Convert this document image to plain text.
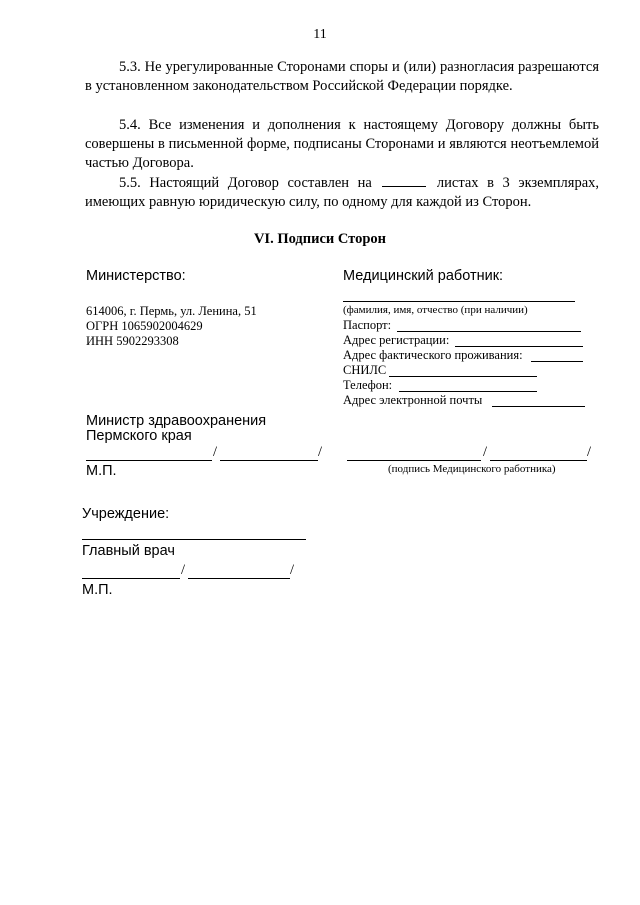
11
5.3. Не урегулированные Сторонами споры и (или) разногласия разрешаются в установленном законодательством Российской Федерации порядке.
5.4. Все изменения и дополнения к настоящему Договору должны быть совершены в письменной форме, подписаны Сторонами и являются неотъемлемой частью Договора.
5.5. Настоящий Договор составлен на	листах в 3 экземплярах, имеющих равную юридическую силу, по одному для каждой из Сторон.
VI. Подписи Сторон
Министерство:
614006, г. Пермь, ул. Ленина, 51
ОГРН 1065902004629
ИНН 5902293308
Медицинский работник:
(фамилия, имя, отчество (при наличии)
Паспорт:
Адрес регистрации:
Адрес фактического проживания:
СНИЛС
Телефон:
Адрес электронной почты
Министр здравоохранения
Пермского края
/	/
М.П.
/	/
(подпись Медицинского работника)
Учреждение:
Главный врач
/	/
М.П.
